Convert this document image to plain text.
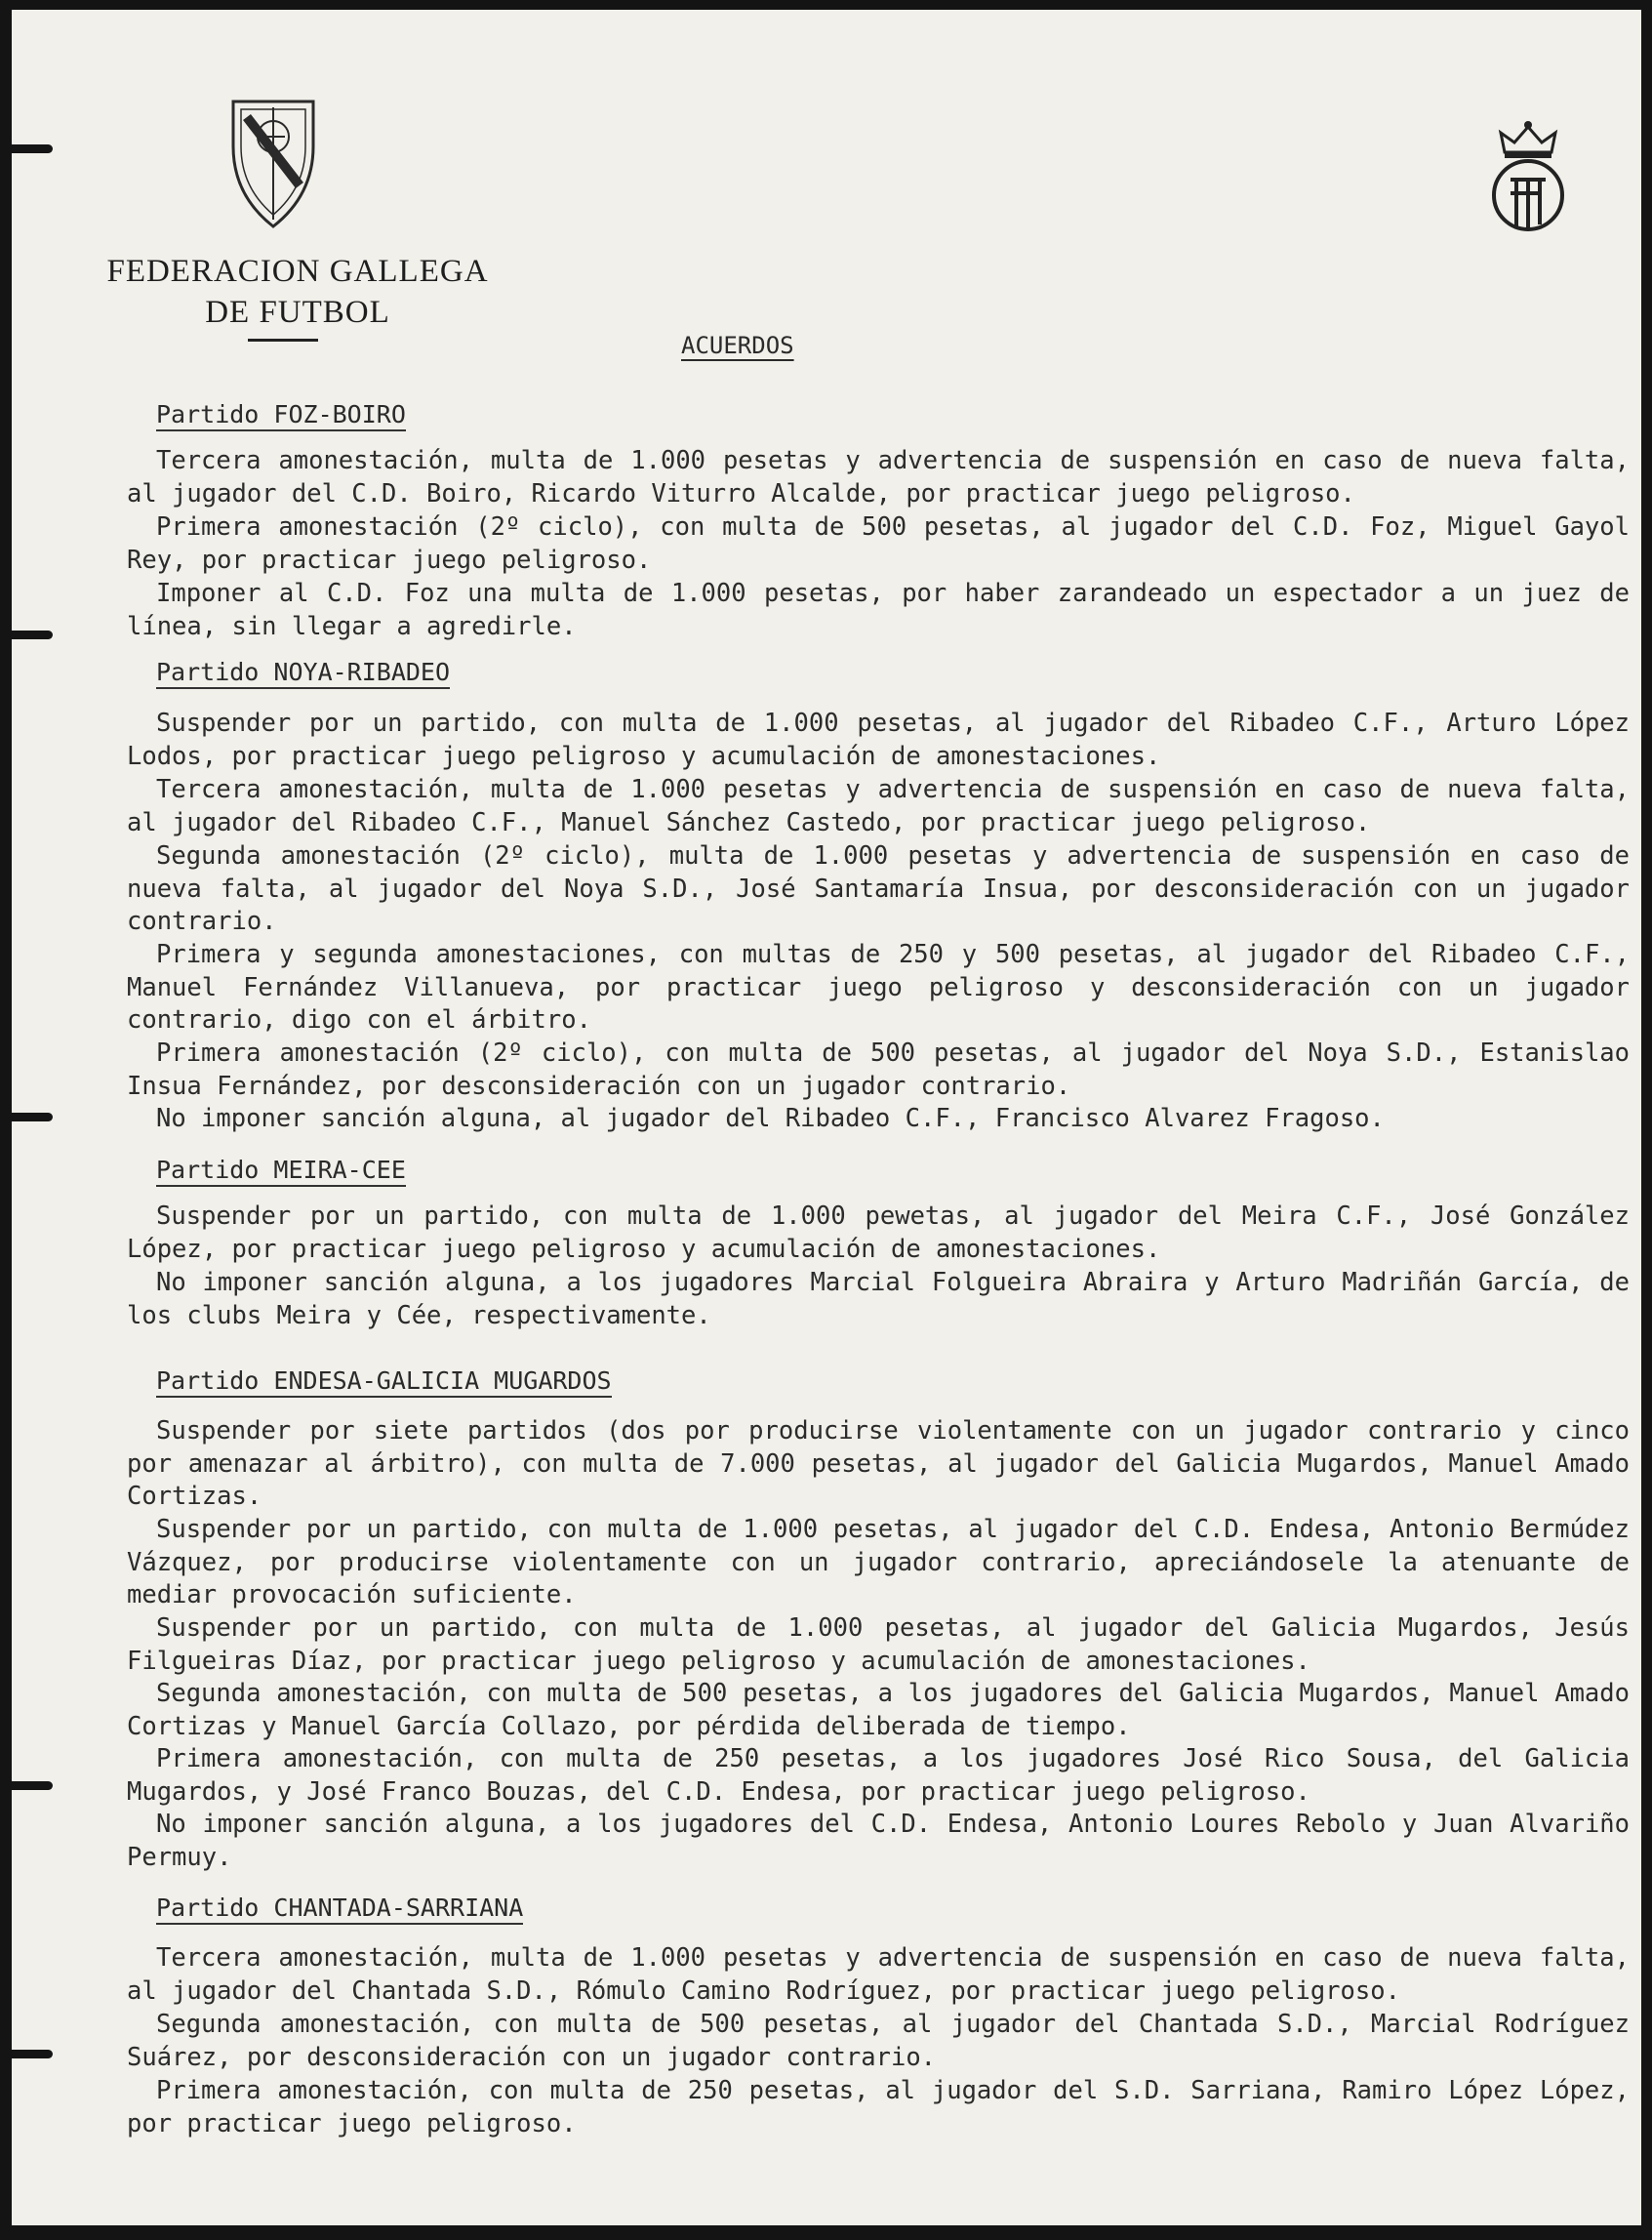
FEDERACION GALLEGA
DE FUTBOL
ACUERDOS
Partido FOZ-BOIRO
Tercera amonestación, multa de 1.000 pesetas y advertencia de suspensión en caso de nueva falta, al jugador del C.D. Boiro, Ricardo Viturro Alcalde, por practicar juego peligroso.
Primera amonestación (2º ciclo), con multa de 500 pesetas, al jugador del C.D. Foz, Miguel Gayol Rey, por practicar juego peligroso.
Imponer al C.D. Foz una multa de 1.000 pesetas, por haber zarandeado un espectador a un juez de línea, sin llegar a agredirle.
Partido NOYA-RIBADEO
Suspender por un partido, con multa de 1.000 pesetas, al jugador del Ribadeo C.F., Arturo López Lodos, por practicar juego peligroso y acumulación de amonestaciones.
Tercera amonestación, multa de 1.000 pesetas y advertencia de suspensión en caso de nueva falta, al jugador del Ribadeo C.F., Manuel Sánchez Castedo, por practicar juego peligroso.
Segunda amonestación (2º ciclo), multa de 1.000 pesetas y advertencia de suspensión en caso de nueva falta, al jugador del Noya S.D., José Santamaría Insua, por desconsideración con un jugador contrario.
Primera y segunda amonestaciones, con multas de 250 y 500 pesetas, al jugador del Ribadeo C.F., Manuel Fernández Villanueva, por practicar juego peligroso y desconsideración con un jugador contrario, digo con el árbitro.
Primera amonestación (2º ciclo), con multa de 500 pesetas, al jugador del Noya S.D., Estanislao Insua Fernández, por desconsideración con un jugador contrario.
No imponer sanción alguna, al jugador del Ribadeo C.F., Francisco Alvarez Fragoso.
Partido MEIRA-CEE
Suspender por un partido, con multa de 1.000 pewetas, al jugador del Meira C.F., José González López, por practicar juego peligroso y acumulación de amonestaciones.
No imponer sanción alguna, a los jugadores Marcial Folgueira Abraira y Arturo Madriñán García, de los clubs Meira y Cée, respectivamente.
Partido ENDESA-GALICIA MUGARDOS
Suspender por siete partidos (dos por producirse violentamente con un jugador contrario y cinco por amenazar al árbitro), con multa de 7.000 pesetas, al jugador del Galicia Mugardos, Manuel Amado Cortizas.
Suspender por un partido, con multa de 1.000 pesetas, al jugador del C.D. Endesa, Antonio Bermúdez Vázquez, por producirse violentamente con un jugador contrario, apreciándosele la atenuante de mediar provocación suficiente.
Suspender por un partido, con multa de 1.000 pesetas, al jugador del Galicia Mugardos, Jesús Filgueiras Díaz, por practicar juego peligroso y acumulación de amonestaciones.
Segunda amonestación, con multa de 500 pesetas, a los jugadores del Galicia Mugardos, Manuel Amado Cortizas y Manuel García Collazo, por pérdida deliberada de tiempo.
Primera amonestación, con multa de 250 pesetas, a los jugadores José Rico Sousa, del Galicia Mugardos, y José Franco Bouzas, del C.D. Endesa, por practicar juego peligroso.
No imponer sanción alguna, a los jugadores del C.D. Endesa, Antonio Loures Rebolo y Juan Alvariño Permuy.
Partido CHANTADA-SARRIANA
Tercera amonestación, multa de 1.000 pesetas y advertencia de suspensión en caso de nueva falta, al jugador del Chantada S.D., Rómulo Camino Rodríguez, por practicar juego peligroso.
Segunda amonestación, con multa de 500 pesetas, al jugador del Chantada S.D., Marcial Rodríguez Suárez, por desconsideración con un jugador contrario.
Primera amonestación, con multa de 250 pesetas, al jugador del S.D. Sarriana, Ramiro López López, por practicar juego peligroso.
